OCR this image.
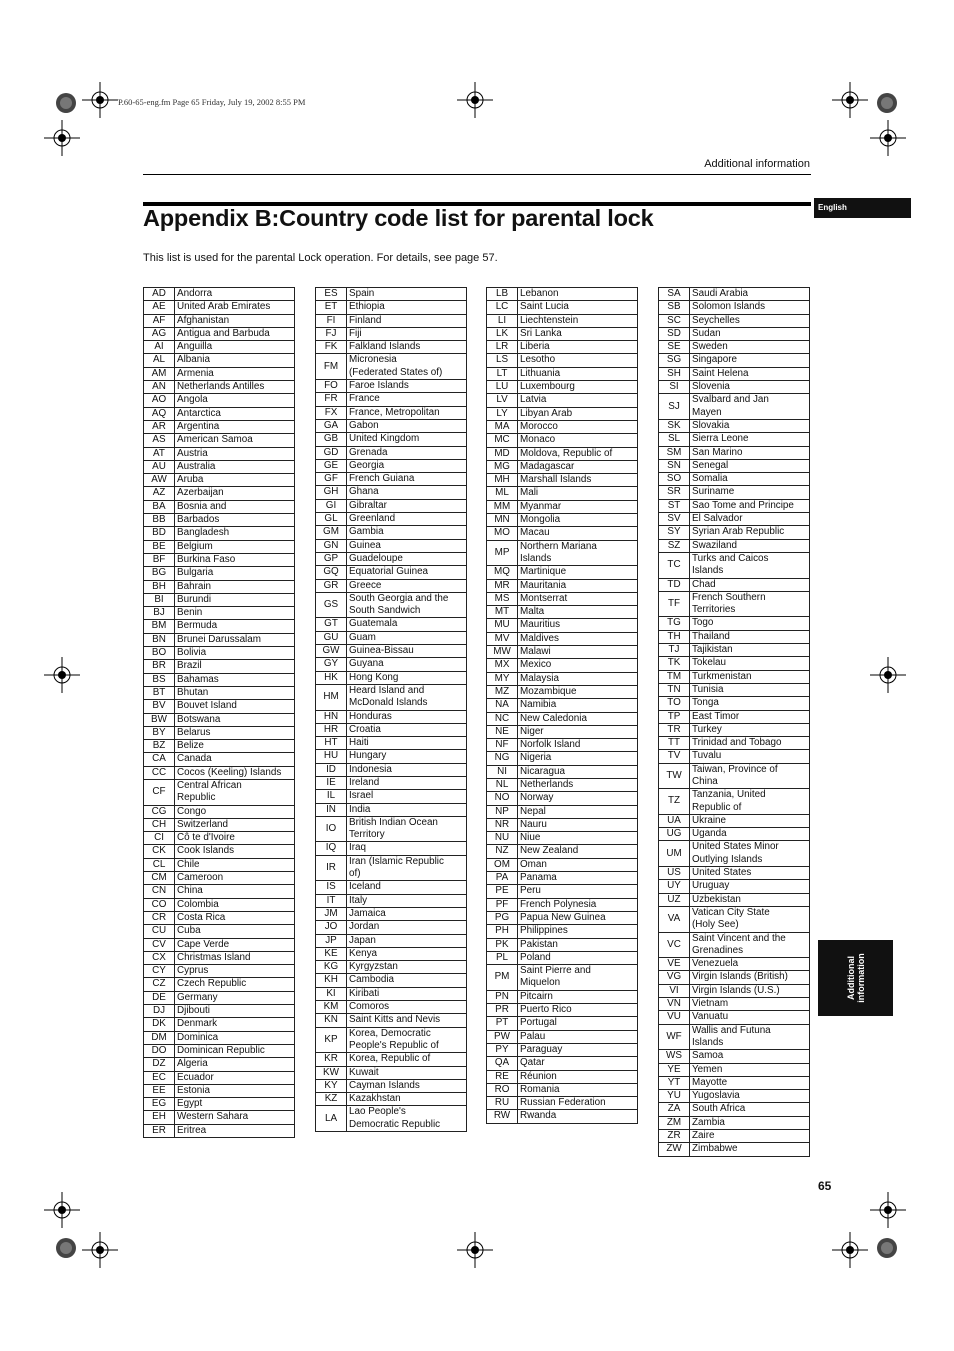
P.60-65-eng.fm Page 65 Friday, July 19, 2002 8:55 PM
Additional information
Appendix B:Country code list for parental lock
This list is used for the parental Lock operation. For details, see page 57.
English
Additional information
AD	Andorra
AE	United Arab Emirates
AF	Afghanistan
AG	Antigua and Barbuda
AI	Anguilla
AL	Albania
AM	Armenia
AN	Netherlands Antilles
AO	Angola
AQ	Antarctica
AR	Argentina
AS	American Samoa
AT	Austria
AU	Australia
AW	Aruba
AZ	Azerbaijan
BA	Bosnia and
BB	Barbados
BD	Bangladesh
BE	Belgium
BF	Burkina Faso
BG	Bulgaria
BH	Bahrain
BI	Burundi
BJ	Benin
BM	Bermuda
BN	Brunei Darussalam
BO	Bolivia
BR	Brazil
BS	Bahamas
BT	Bhutan
BV	Bouvet Island
BW	Botswana
BY	Belarus
BZ	Belize
CA	Canada
CC	Cocos (Keeling) Islands
CF	Central African
Republic
CG	Congo
CH	Switzerland
CI	Cô te d'Ivoire
CK	Cook Islands
CL	Chile
CM	Cameroon
CN	China
CO	Colombia
CR	Costa Rica
CU	Cuba
CV	Cape Verde
CX	Christmas Island
CY	Cyprus
CZ	Czech Republic
DE	Germany
DJ	Djibouti
DK	Denmark
DM	Dominica
DO	Dominican Republic
DZ	Algeria
EC	Ecuador
EE	Estonia
EG	Egypt
EH	Western Sahara
ER	Eritrea
ES	Spain
ET	Ethiopia
FI	Finland
FJ	Fiji
FK	Falkland Islands
FM	Micronesia
(Federated States of)
FO	Faroe Islands
FR	France
FX	France, Metropolitan
GA	Gabon
GB	United Kingdom
GD	Grenada
GE	Georgia
GF	French Guiana
GH	Ghana
GI	Gibraltar
GL	Greenland
GM	Gambia
GN	Guinea
GP	Guadeloupe
GQ	Equatorial Guinea
GR	Greece
GS	South Georgia and the
South Sandwich
GT	Guatemala
GU	Guam
GW	Guinea-Bissau
GY	Guyana
HK	Hong Kong
HM	Heard Island and
McDonald Islands
HN	Honduras
HR	Croatia
HT	Haiti
HU	Hungary
ID	Indonesia
IE	Ireland
IL	Israel
IN	India
IO	British Indian Ocean
Territory
IQ	Iraq
IR	Iran (Islamic Republic
of)
IS	Iceland
IT	Italy
JM	Jamaica
JO	Jordan
JP	Japan
KE	Kenya
KG	Kyrgyzstan
KH	Cambodia
KI	Kiribati
KM	Comoros
KN	Saint Kitts and Nevis
KP	Korea, Democratic
People's Republic of
KR	Korea, Republic of
KW	Kuwait
KY	Cayman Islands
KZ	Kazakhstan
LA	Lao People's
Democratic Republic
LB	Lebanon
LC	Saint Lucia
LI	Liechtenstein
LK	Sri Lanka
LR	Liberia
LS	Lesotho
LT	Lithuania
LU	Luxembourg
LV	Latvia
LY	Libyan Arab
MA	Morocco
MC	Monaco
MD	Moldova, Republic of
MG	Madagascar
MH	Marshall Islands
ML	Mali
MM	Myanmar
MN	Mongolia
MO	Macau
MP	Northern Mariana
Islands
MQ	Martinique
MR	Mauritania
MS	Montserrat
MT	Malta
MU	Mauritius
MV	Maldives
MW	Malawi
MX	Mexico
MY	Malaysia
MZ	Mozambique
NA	Namibia
NC	New Caledonia
NE	Niger
NF	Norfolk Island
NG	Nigeria
NI	Nicaragua
NL	Netherlands
NO	Norway
NP	Nepal
NR	Nauru
NU	Niue
NZ	New Zealand
OM	Oman
PA	Panama
PE	Peru
PF	French Polynesia
PG	Papua New Guinea
PH	Philippines
PK	Pakistan
PL	Poland
PM	Saint Pierre and
Miquelon
PN	Pitcairn
PR	Puerto Rico
PT	Portugal
PW	Palau
PY	Paraguay
QA	Qatar
RE	Réunion
RO	Romania
RU	Russian Federation
RW	Rwanda
SA	Saudi Arabia
SB	Solomon Islands
SC	Seychelles
SD	Sudan
SE	Sweden
SG	Singapore
SH	Saint Helena
SI	Slovenia
SJ	Svalbard and Jan
Mayen
SK	Slovakia
SL	Sierra Leone
SM	San Marino
SN	Senegal
SO	Somalia
SR	Suriname
ST	Sao Tome and Principe
SV	El Salvador
SY	Syrian Arab Republic
SZ	Swaziland
TC	Turks and Caicos
Islands
TD	Chad
TF	French Southern
Territories
TG	Togo
TH	Thailand
TJ	Tajikistan
TK	Tokelau
TM	Turkmenistan
TN	Tunisia
TO	Tonga
TP	East Timor
TR	Turkey
TT	Trinidad and Tobago
TV	Tuvalu
TW	Taiwan, Province of
China
TZ	Tanzania, United
Republic of
UA	Ukraine
UG	Uganda
UM	United States Minor
Outlying Islands
US	United States
UY	Uruguay
UZ	Uzbekistan
VA	Vatican City State
(Holy See)
VC	Saint Vincent and the
Grenadines
VE	Venezuela
VG	Virgin Islands (British)
VI	Virgin Islands (U.S.)
VN	Vietnam
VU	Vanuatu
WF	Wallis and Futuna
Islands
WS	Samoa
YE	Yemen
YT	Mayotte
YU	Yugoslavia
ZA	South Africa
ZM	Zambia
ZR	Zaire
ZW	Zimbabwe
65
